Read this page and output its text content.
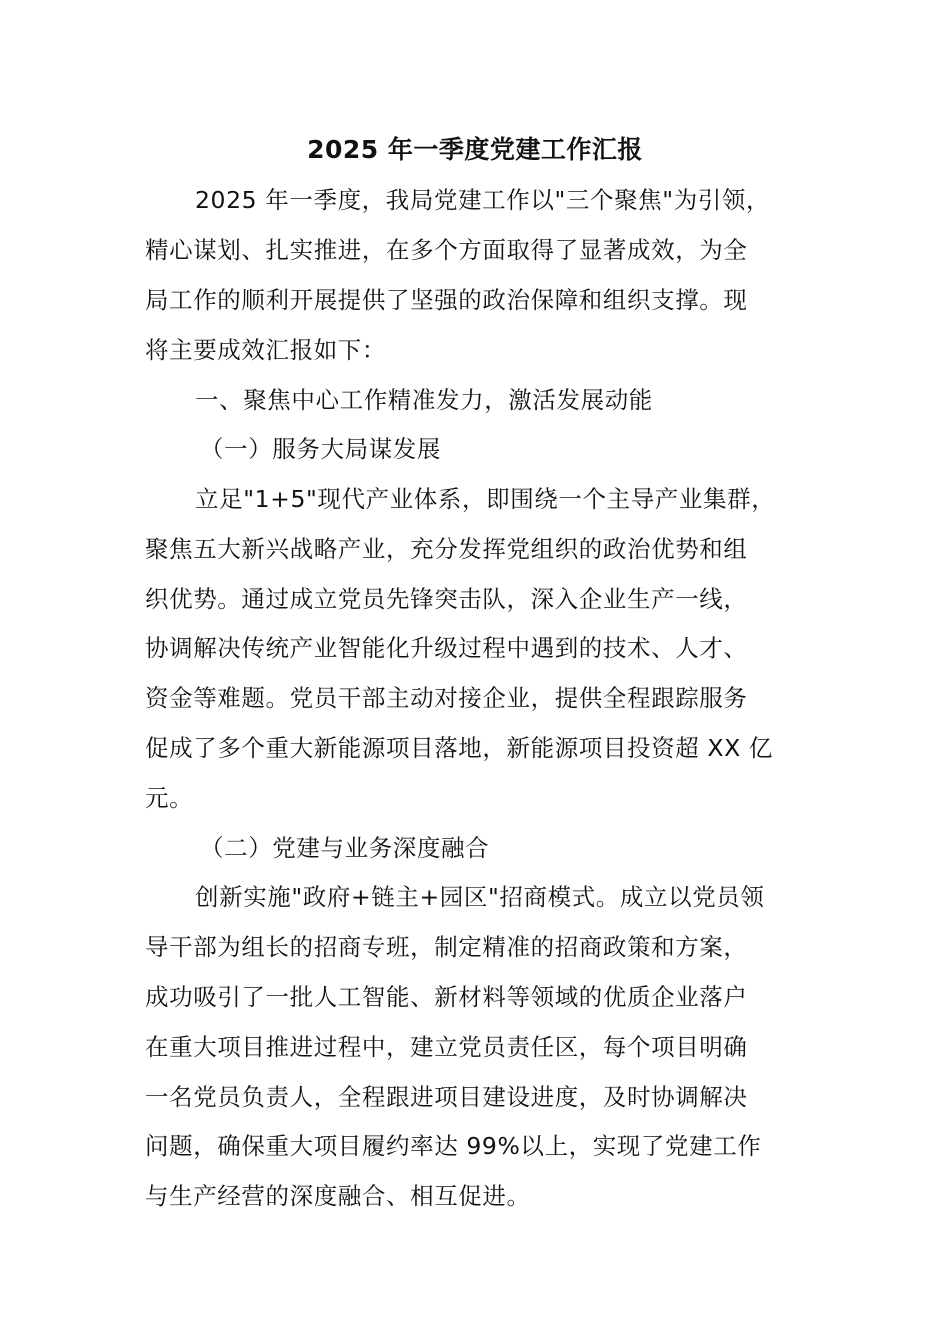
2025 年一季度党建工作汇报
2025 年一季度，我局党建工作以"三个聚焦"为引领，
精心谋划、扎实推进，在多个方面取得了显著成效，为全
局工作的顺利开展提供了坚强的政治保障和组织支撑。现
将主要成效汇报如下：
一、聚焦中心工作精准发力，激活发展动能
（一）服务大局谋发展
立足"1+5"现代产业体系，即围绕一个主导产业集群，
聚焦五大新兴战略产业，充分发挥党组织的政治优势和组
织优势。通过成立党员先锋突击队，深入企业生产一线，
协调解决传统产业智能化升级过程中遇到的技术、人才、
资金等难题。党员干部主动对接企业，提供全程跟踪服务
促成了多个重大新能源项目落地，新能源项目投资超 XX 亿
元。
（二）党建与业务深度融合
创新实施"政府+链主+园区"招商模式。成立以党员领
导干部为组长的招商专班，制定精准的招商政策和方案，
成功吸引了一批人工智能、新材料等领域的优质企业落户
在重大项目推进过程中，建立党员责任区，每个项目明确
一名党员负责人，全程跟进项目建设进度，及时协调解决
问题，确保重大项目履约率达 99%以上，实现了党建工作
与生产经营的深度融合、相互促进。
